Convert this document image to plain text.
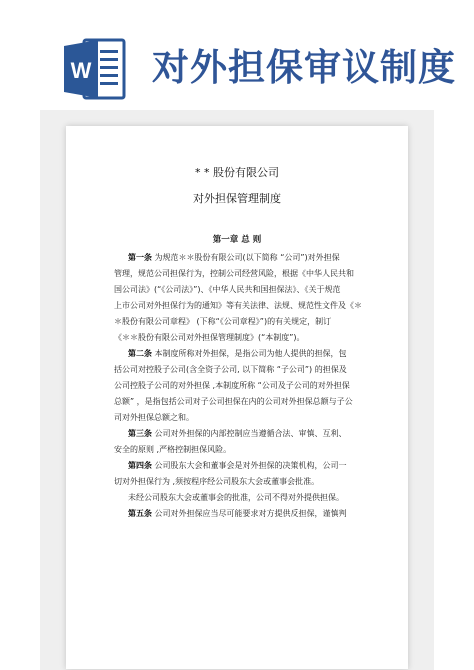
W 对外担保审议制度
* * 股份有限公司
对外担保管理制度
第一章 总 则
第一条 为规范＊＊股份有限公司(以下简称 “公司”)对外担保
管理，规范公司担保行为，控制公司经营风险，根据《中华人民共和
国公司法》(“《公司法》”)、《中华人民共和国担保法》、《关于规范
上市公司对外担保行为的通知》等有关法律、法规、规范性文件及《＊
＊股份有限公司章程》 (下称“《公司章程》”)的有关规定，制订
《＊＊股份有限公司对外担保管理制度》(“本制度”)。
第二条 本制度所称对外担保，是指公司为他人提供的担保，包
括公司对控股子公司(含全资子公司, 以下简称 “子公司”) 的担保及
公司控股子公司的对外担保 ,本制度所称 “公司及子公司的对外担保
总额” ，是指包括公司对子公司担保在内的公司对外担保总额与子公
司对外担保总额之和。
第三条 公司对外担保的内部控制应当遵循合法、审慎、互利、
安全的原则 ,严格控制担保风险。
第四条 公司股东大会和董事会是对外担保的决策机构，公司一
切对外担保行为 ,须按程序经公司股东大会或董事会批准。
未经公司股东大会或董事会的批准，公司不得对外提供担保。
第五条 公司对外担保应当尽可能要求对方提供反担保，谨慎判
